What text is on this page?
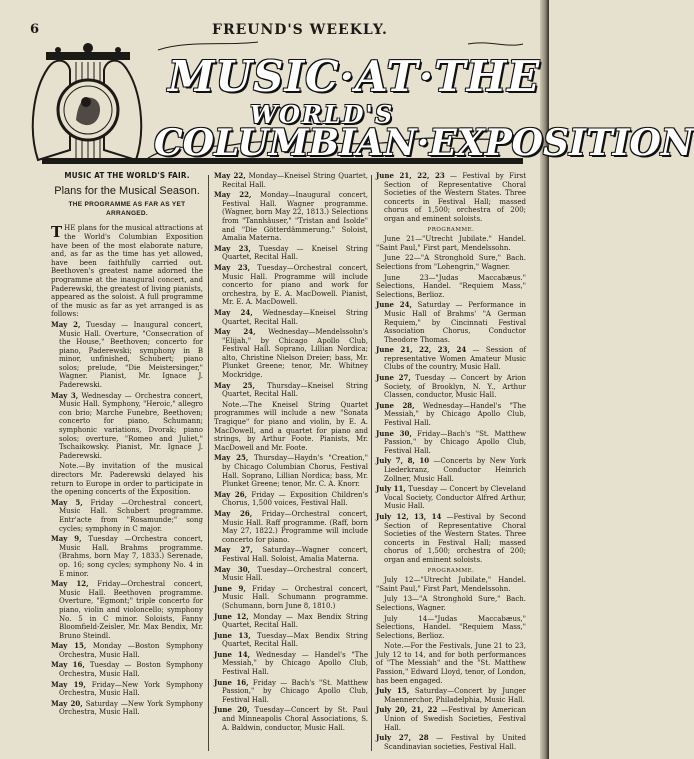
6	FREUND'S WEEKLY.
MUSIC·AT·THE
WORLD'S
COLUMBIAN·EXPOSITION
MUSIC AT THE WORLD'S FAIR.
Plans for the Musical Season.
THE PROGRAMME AS FAR AS YET ARRANGED.

THE plans for the musical attractions at the World's Columbian Exposition have been of the most elaborate nature, and, as far as the time has yet allowed, have been faithfully carried out. Beethoven's greatest name adorned the programme at the inaugural concert, and Paderewski, the greatest of living pianists, appeared as the soloist. A full programme of the music as far as yet arranged is as follows:

May 2, Tuesday — Inaugural concert, Music Hall. Overture, "Consecration of the House," Beethoven; concerto for piano, Paderewski; symphony in B minor, unfinished, Schubert; piano solos; prelude, "Die Meistersinger," Wagner. Pianist, Mr. Ignace J. Paderewski.

May 3, Wednesday — Orchestra concert, Music Hall. Symphony, "Heroic," allegro con brio; Marche Funebre, Beethoven; concerto for piano, Schumann; symphonic variations, Dvorak; piano solos; overture, "Romeo and Juliet," Tschaikowsky. Pianist, Mr. Ignace J. Paderewski.

Note.—By invitation of the musical directors Mr. Paderewski delayed his return to Europe in order to participate in the opening concerts of the Exposition.

May 5, Friday —Orchestral concert, Music Hall. Schubert programme. Entr'acte from "Rosamunde;" song cycles; symphony in C major.

May 9, Tuesday —Orchestra concert, Music Hall. Brahms programme. (Brahms, born May 7, 1833.) Serenade, op. 16; song cycles; symphony No. 4 in E minor.

May 12, Friday—Orchestral concert, Music Hall. Beethoven programme. Overture, "Egmont;" triple concerto for piano, violin and violoncello; symphony No. 5 in C minor. Soloists, Fanny Bloomfield-Zeisler, Mr. Max Bendix, Mr. Bruno Steindl.

May 15, Monday —Boston Symphony Orchestra, Music Hall.

May 16, Tuesday — Boston Symphony Orchestra, Music Hall.

May 19, Friday—New York Symphony Orchestra, Music Hall.

May 20, Saturday —New York Symphony Orchestra, Music Hall.

May 22, Monday—Kneisel String Quartet, Recital Hall.

May 22, Monday—Inaugural concert, Festival Hall. Wagner programme. (Wagner, born May 22, 1813.) Selections from "Tannhäuser," "Tristan and Isolde" and "Die Götterdämmerung." Soloist, Amalia Materna.

May 23, Tuesday — Kneisel String Quartet, Recital Hall.

May 23, Tuesday—Orchestral concert, Music Hall. Programme will include concerto for piano and work for orchestra, by E. A. MacDowell. Pianist, Mr. E. A. MacDowell.

May 24, Wednesday—Kneisel String Quartet, Recital Hall.

May 24, Wednesday—Mendelssohn's "Elijah," by Chicago Apollo Club, Festival Hall. Soprano, Lillian Nordica; alto, Christine Nielson Dreier; bass, Mr. Plunket Greene; tenor, Mr. Whitney Mockridge.

May 25, Thursday—Kneisel String Quartet, Recital Hall.

Note.—The Kneisel String Quartet programmes will include a new "Sonata Tragique" for piano and violin, by E. A. MacDowell, and a quartet for piano and strings, by Arthur Foote. Pianists, Mr. MacDowell and Mr. Foote.

May 25, Thursday—Haydn's "Creation," by Chicago Columbian Chorus, Festival Hall. Soprano, Lillian Nordica; bass, Mr. Plunket Greene; tenor, Mr. C. A. Knorr.

May 26, Friday — Exposition Children's Chorus, 1,500 voices, Festival Hall.

May 26, Friday—Orchestral concert, Music Hall. Raff programme. (Raff, born May 27, 1822.) Programme will include concerto for piano.

May 27, Saturday—Wagner concert, Festival Hall. Soloist, Amalia Materna.

May 30, Tuesday—Orchestral concert, Music Hall.

June 9, Friday — Orchestral concert, Music Hall. Schumann programme. (Schumann, born June 8, 1810.)

June 12, Monday — Max Bendix String Quartet, Recital Hall.

June 13, Tuesday—Max Bendix String Quartet, Recital Hall.

June 14, Wednesday — Handel's "The Messiah," by Chicago Apollo Club, Festival Hall.

June 16, Friday — Bach's "St. Matthew Passion," by Chicago Apollo Club, Festival Hall.

June 20, Tuesday—Concert by St. Paul and Minneapolis Choral Associations, S. A. Baldwin, conductor, Music Hall.

June 21, 22, 23 — Festival by First Section of Representative Choral Societies of the Western States. Three concerts in Festival Hall; massed chorus of 1,500; orchestra of 200; organ and eminent soloists.

PROGRAMME.

June 21—"Utrecht Jubilate." Handel. "Saint Paul," First part, Mendelssohn.

June 22—"A Stronghold Sure," Bach. Selections from "Lohengrin," Wagner.

June 23—"Judas Maccabæus." Selections, Handel. "Requiem Mass," Selections, Berlioz.

June 24, Saturday — Performance in Music Hall of Brahms' "A German Requiem," by Cincinnati Festival Association Chorus, Conductor Theodore Thomas.

June 21, 22, 23, 24 — Session of representative Women Amateur Music Clubs of the country, Music Hall.

June 27, Tuesday — Concert by Arion Society, of Brooklyn, N. Y., Arthur Classen, conductor, Music Hall.

June 28, Wednesday—Handel's "The Messiah," by Chicago Apollo Club, Festival Hall.

June 30, Friday—Bach's "St. Matthew Passion," by Chicago Apollo Club, Festival Hall.

July 7, 8, 10 —Concerts by New York Liederkranz, Conductor Heinrich Zollner, Music Hall.

July 11, Tuesday — Concert by Cleveland Vocal Society, Conductor Alfred Arthur, Music Hall.

July 12, 13, 14 —Festival by Second Section of Representative Choral Societies of the Western States. Three concerts in Festival Hall; massed chorus of 1,500; orchestra of 200; organ and eminent soloists.

PROGRAMME.

July 12—"Utrecht Jubilate," Handel. "Saint Paul," First Part, Mendelssohn.

July 13—"A Stronghold Sure," Bach. Selections, Wagner.

July 14—"Judas Maccabæus," Selections, Handel. "Requiem Mass," Selections, Berlioz.

Note.—For the Festivals, June 21 to 23, July 12 to 14, and for both performances of "The Messiah" and the "St. Matthew Passion," Edward Lloyd, tenor, of London, has been engaged.

July 15, Saturday—Concert by Junger Maennerchor, Philadelphia, Music Hall.

July 20, 21, 22 —Festival by American Union of Swedish Societies, Festival Hall.

July 27, 28 — Festival by United Scandinavian societies, Festival Hall.
